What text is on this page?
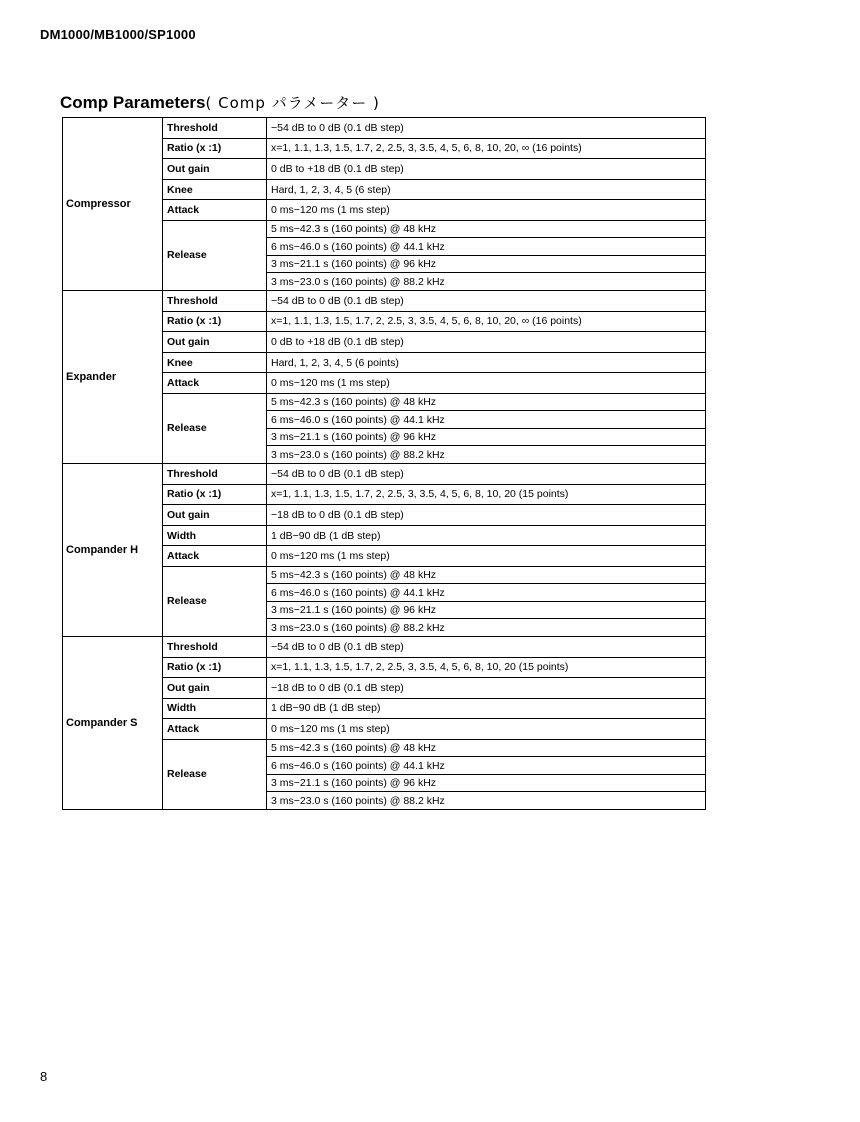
DM1000/MB1000/SP1000
Comp Parameters( Comp パラメーター )
Compressor	Threshold	−54 dB to 0 dB (0.1 dB step)
	Ratio (x :1)	x=1, 1.1, 1.3, 1.5, 1.7, 2, 2.5, 3, 3.5, 4, 5, 6, 8, 10, 20, ∞ (16 points)
	Out gain	0 dB to +18 dB (0.1 dB step)
	Knee	Hard, 1, 2, 3, 4, 5 (6 step)
	Attack	0 ms−120 ms (1 ms step)
	Release	5 ms−42.3 s (160 points) @ 48 kHz
		6 ms−46.0 s (160 points) @ 44.1 kHz
		3 ms−21.1 s (160 points) @ 96 kHz
		3 ms−23.0 s (160 points) @ 88.2 kHz
Expander	Threshold	−54 dB to 0 dB (0.1 dB step)
	Ratio (x :1)	x=1, 1.1, 1.3, 1.5, 1.7, 2, 2.5, 3, 3.5, 4, 5, 6, 8, 10, 20, ∞ (16 points)
	Out gain	0 dB to +18 dB (0.1 dB step)
	Knee	Hard, 1, 2, 3, 4, 5 (6 points)
	Attack	0 ms−120 ms (1 ms step)
	Release	5 ms−42.3 s (160 points) @ 48 kHz
		6 ms−46.0 s (160 points) @ 44.1 kHz
		3 ms−21.1 s (160 points) @ 96 kHz
		3 ms−23.0 s (160 points) @ 88.2 kHz
Compander H	Threshold	−54 dB to 0 dB (0.1 dB step)
	Ratio (x :1)	x=1, 1.1, 1.3, 1.5, 1.7, 2, 2.5, 3, 3.5, 4, 5, 6, 8, 10, 20 (15 points)
	Out gain	−18 dB to 0 dB (0.1 dB step)
	Width	1 dB−90 dB (1 dB step)
	Attack	0 ms−120 ms (1 ms step)
	Release	5 ms−42.3 s (160 points) @ 48 kHz
		6 ms−46.0 s (160 points) @ 44.1 kHz
		3 ms−21.1 s (160 points) @ 96 kHz
		3 ms−23.0 s (160 points) @ 88.2 kHz
Compander S	Threshold	−54 dB to 0 dB (0.1 dB step)
	Ratio (x :1)	x=1, 1.1, 1.3, 1.5, 1.7, 2, 2.5, 3, 3.5, 4, 5, 6, 8, 10, 20 (15 points)
	Out gain	−18 dB to 0 dB (0.1 dB step)
	Width	1 dB−90 dB (1 dB step)
	Attack	0 ms−120 ms (1 ms step)
	Release	5 ms−42.3 s (160 points) @ 48 kHz
		6 ms−46.0 s (160 points) @ 44.1 kHz
		3 ms−21.1 s (160 points) @ 96 kHz
		3 ms−23.0 s (160 points) @ 88.2 kHz
8
